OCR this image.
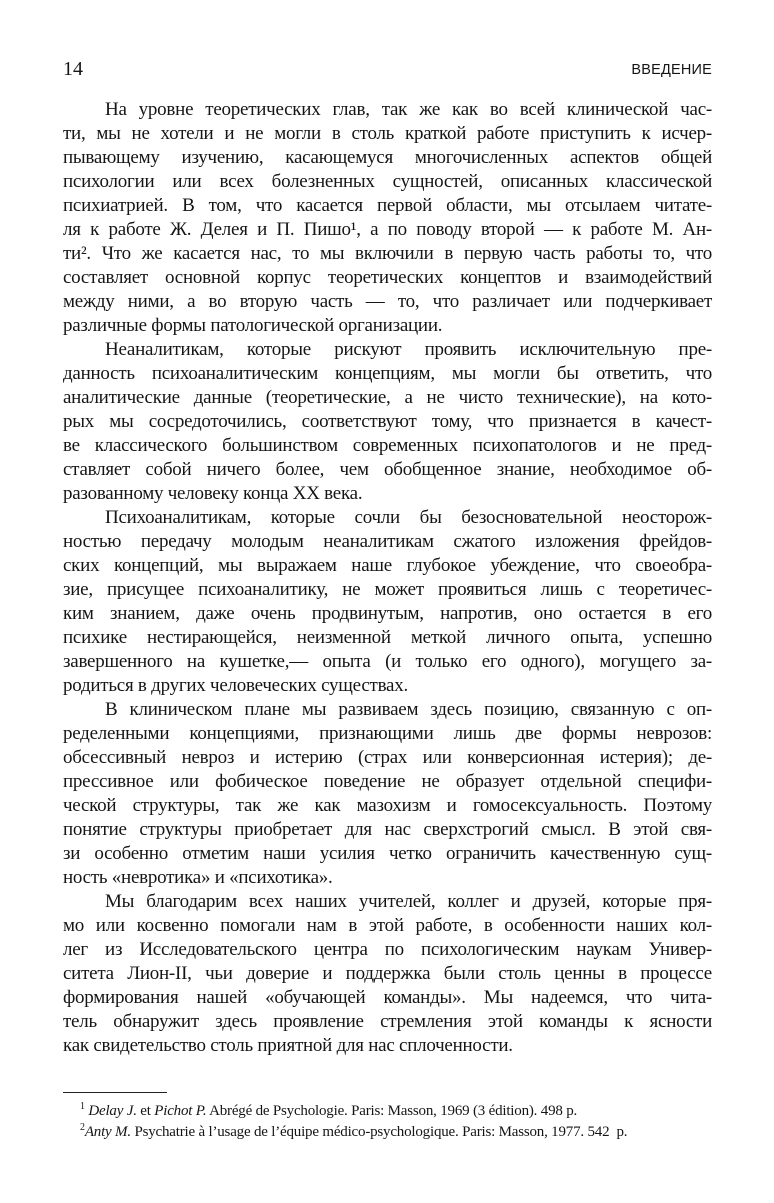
14	ВВЕДЕНИЕ
На уровне теоретических глав, так же как во всей клинической час-
ти, мы не хотели и не могли в столь краткой работе приступить к исчер-
пывающему изучению, касающемуся многочисленных аспектов общей
психологии или всех болезненных сущностей, описанных классической
психиатрией. В том, что касается первой области, мы отсылаем читате-
ля к работе Ж. Делея и П. Пишо¹, а по поводу второй — к работе М. Ан-
ти². Что же касается нас, то мы включили в первую часть работы то, что
составляет основной корпус теоретических концептов и взаимодействий
между ними, а во вторую часть — то, что различает или подчеркивает
различные формы патологической организации.
Неаналитикам, которые рискуют проявить исключительную пре-
данность психоаналитическим концепциям, мы могли бы ответить, что
аналитические данные (теоретические, а не чисто технические), на кото-
рых мы сосредоточились, соответствуют тому, что признается в качест-
ве классического большинством современных психопатологов и не пред-
ставляет собой ничего более, чем обобщенное знание, необходимое об-
разованному человеку конца XX века.
Психоаналитикам, которые сочли бы безосновательной неосторож-
ностью передачу молодым неаналитикам сжатого изложения фрейдов-
ских концепций, мы выражаем наше глубокое убеждение, что своеобра-
зие, присущее психоаналитику, не может проявиться лишь с теоретичес-
ким знанием, даже очень продвинутым, напротив, оно остается в его
психике нестирающейся, неизменной меткой личного опыта, успешно
завершенного на кушетке,— опыта (и только его одного), могущего за-
родиться в других человеческих существах.
В клиническом плане мы развиваем здесь позицию, связанную с оп-
ределенными концепциями, признающими лишь две формы неврозов:
обсессивный невроз и истерию (страх или конверсионная истерия); де-
прессивное или фобическое поведение не образует отдельной специфи-
ческой структуры, так же как мазохизм и гомосексуальность. Поэтому
понятие структуры приобретает для нас сверхстрогий смысл. В этой свя-
зи особенно отметим наши усилия четко ограничить качественную сущ-
ность «невротика» и «психотика».
Мы благодарим всех наших учителей, коллег и друзей, которые пря-
мо или косвенно помогали нам в этой работе, в особенности наших кол-
лег из Исследовательского центра по психологическим наукам Универ-
ситета Лион-II, чьи доверие и поддержка были столь ценны в процессе
формирования нашей «обучающей команды». Мы надеемся, что чита-
тель обнаружит здесь проявление стремления этой команды к ясности
как свидетельство столь приятной для нас сплоченности.
$^1$ Delay J. et Pichot P. Abrégé de Psychologie. Paris: Masson, 1969 (3 édition). 498 p.
$^2$Anty M. Psychatrie à l’usage de l’équipe médico-psychologique. Paris: Masson, 1977. 542  p.
